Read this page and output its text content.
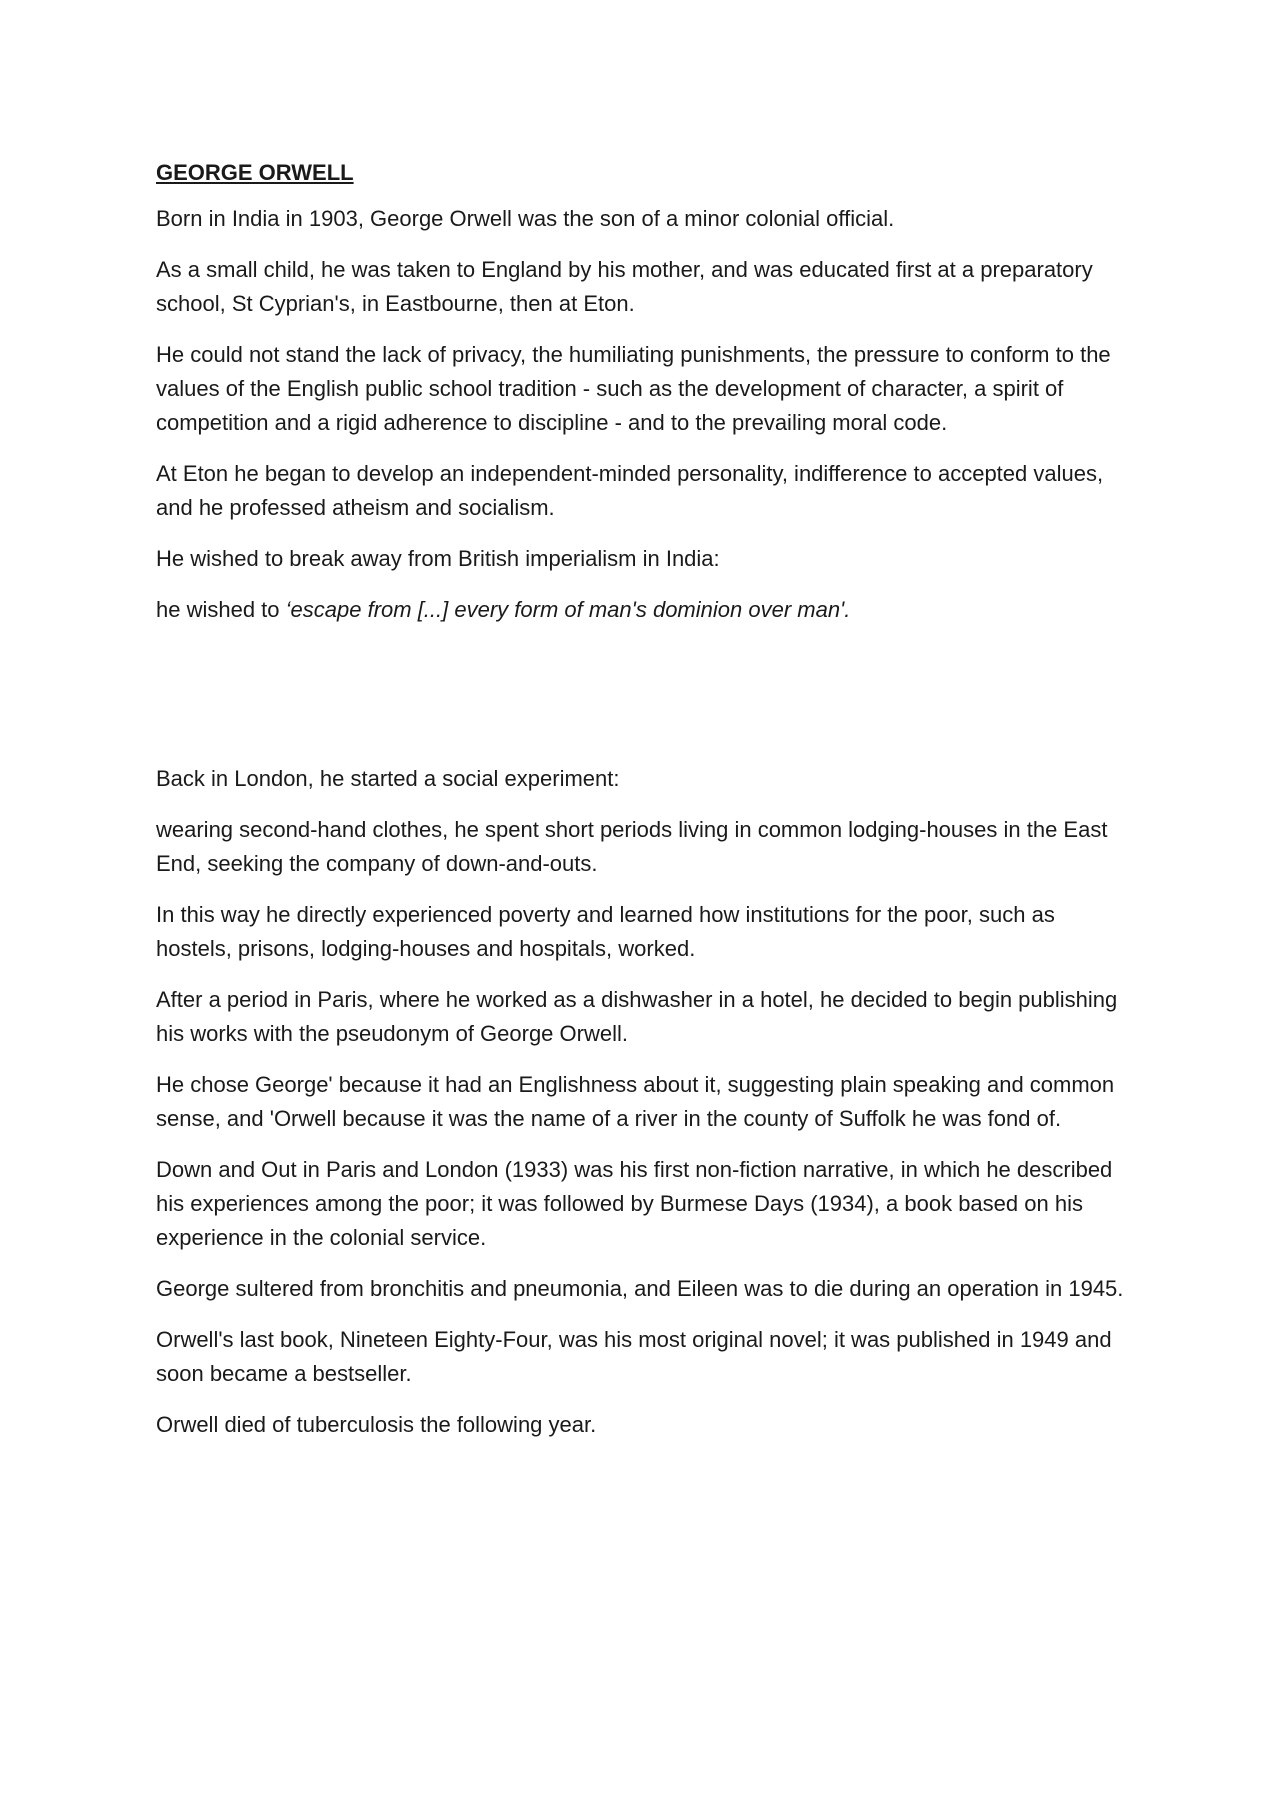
GEORGE ORWELL

Born in India in 1903, George Orwell was the son of a minor colonial official.

As a small child, he was taken to England by his mother, and was educated first at a preparatory school, St Cyprian's, in Eastbourne, then at Eton.

He could not stand the lack of privacy, the humiliating punishments, the pressure to conform to the values of the English public school tradition - such as the development of character, a spirit of competition and a rigid adherence to discipline - and to the prevailing moral code.

At Eton he began to develop an independent-minded personality, indifference to accepted values, and he professed atheism and socialism.

He wished to break away from British imperialism in India:

he wished to ‘escape from [...] every form of man's dominion over man'.

Back in London, he started a social experiment:

wearing second-hand clothes, he spent short periods living in common lodging-houses in the East End, seeking the company of down-and-outs.

In this way he directly experienced poverty and learned how institutions for the poor, such as hostels, prisons, lodging-houses and hospitals, worked.

After a period in Paris, where he worked as a dishwasher in a hotel, he decided to begin publishing his works with the pseudonym of George Orwell.

He chose George' because it had an Englishness about it, suggesting plain speaking and common sense, and 'Orwell because it was the name of a river in the county of Suffolk he was fond of.

Down and Out in Paris and London (1933) was his first non-fiction narrative, in which he described his experiences among the poor; it was followed by Burmese Days (1934), a book based on his experience in the colonial service.

George sultered from bronchitis and pneumonia, and Eileen was to die during an operation in 1945.

Orwell's last book, Nineteen Eighty-Four, was his most original novel; it was published in 1949 and soon became a bestseller.

Orwell died of tuberculosis the following year.
